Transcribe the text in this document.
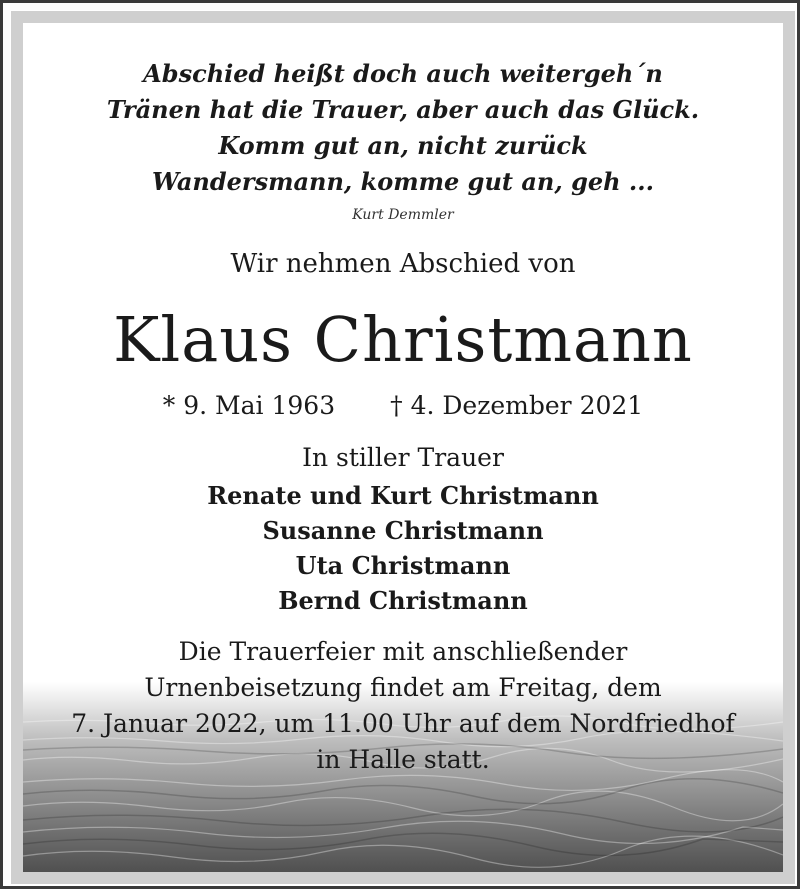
Abschied heißt doch auch weitergeh´n
Tränen hat die Trauer, aber auch das Glück.
Komm gut an, nicht zurück
Wandersmann, komme gut an, geh ...
Kurt Demmler
Wir nehmen Abschied von
Klaus Christmann
* 9. Mai 1963 † 4. Dezember 2021
In stiller Trauer
Renate und Kurt Christmann
Susanne Christmann
Uta Christmann
Bernd Christmann
Die Trauerfeier mit anschließender
Urnenbeisetzung findet am Freitag, dem
7. Januar 2022, um 11.00 Uhr auf dem Nordfriedhof
in Halle statt.
